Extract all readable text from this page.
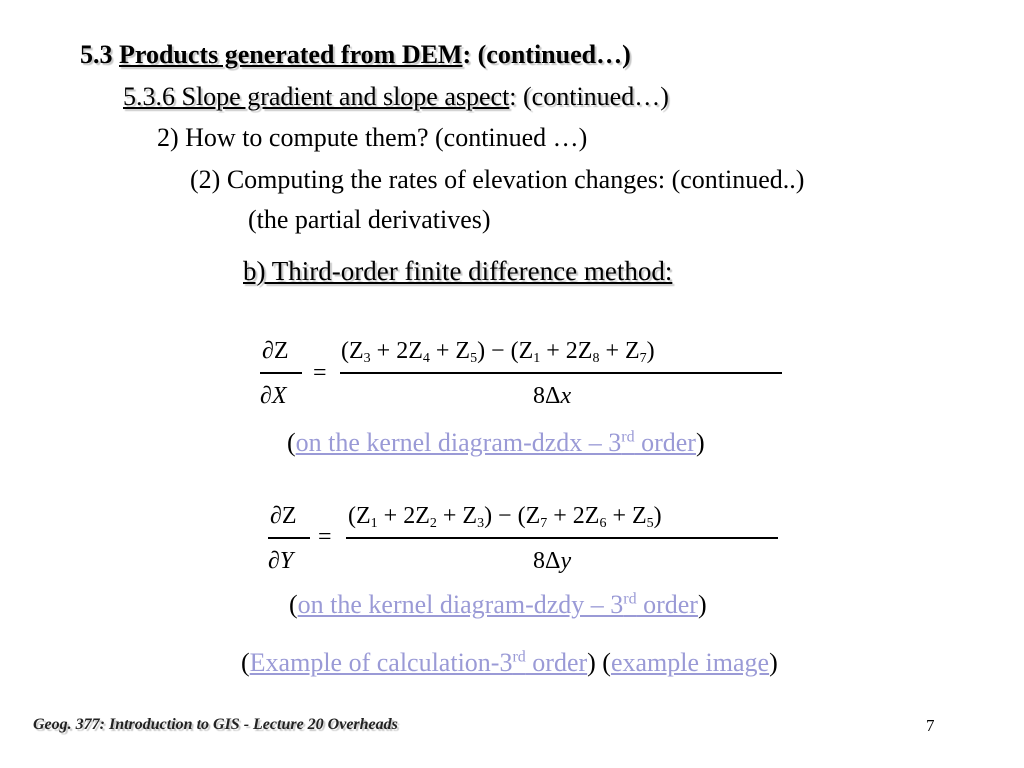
5.3 Products generated from DEM: (continued…)
5.3.6 Slope gradient and slope aspect: (continued…)
2) How to compute them? (continued …)
(2) Computing the rates of elevation changes: (continued..)
(the partial derivatives)
b) Third-order finite difference method:
∂Z
∂X
=
$(Z_3 + 2Z_4 + Z_5) - (Z_1 + 2Z_8 + Z_7)$
8Δx
(on the kernel diagram-dzdx – 3rd order)
∂Z
∂Y
=
$(Z_1 + 2Z_2 + Z_3) - (Z_7 + 2Z_6 + Z_5)$
8Δy
(on the kernel diagram-dzdy – 3rd order)
(Example of calculation-3rd order) (example image)
Geog. 377: Introduction to GIS - Lecture 20 Overheads	7
